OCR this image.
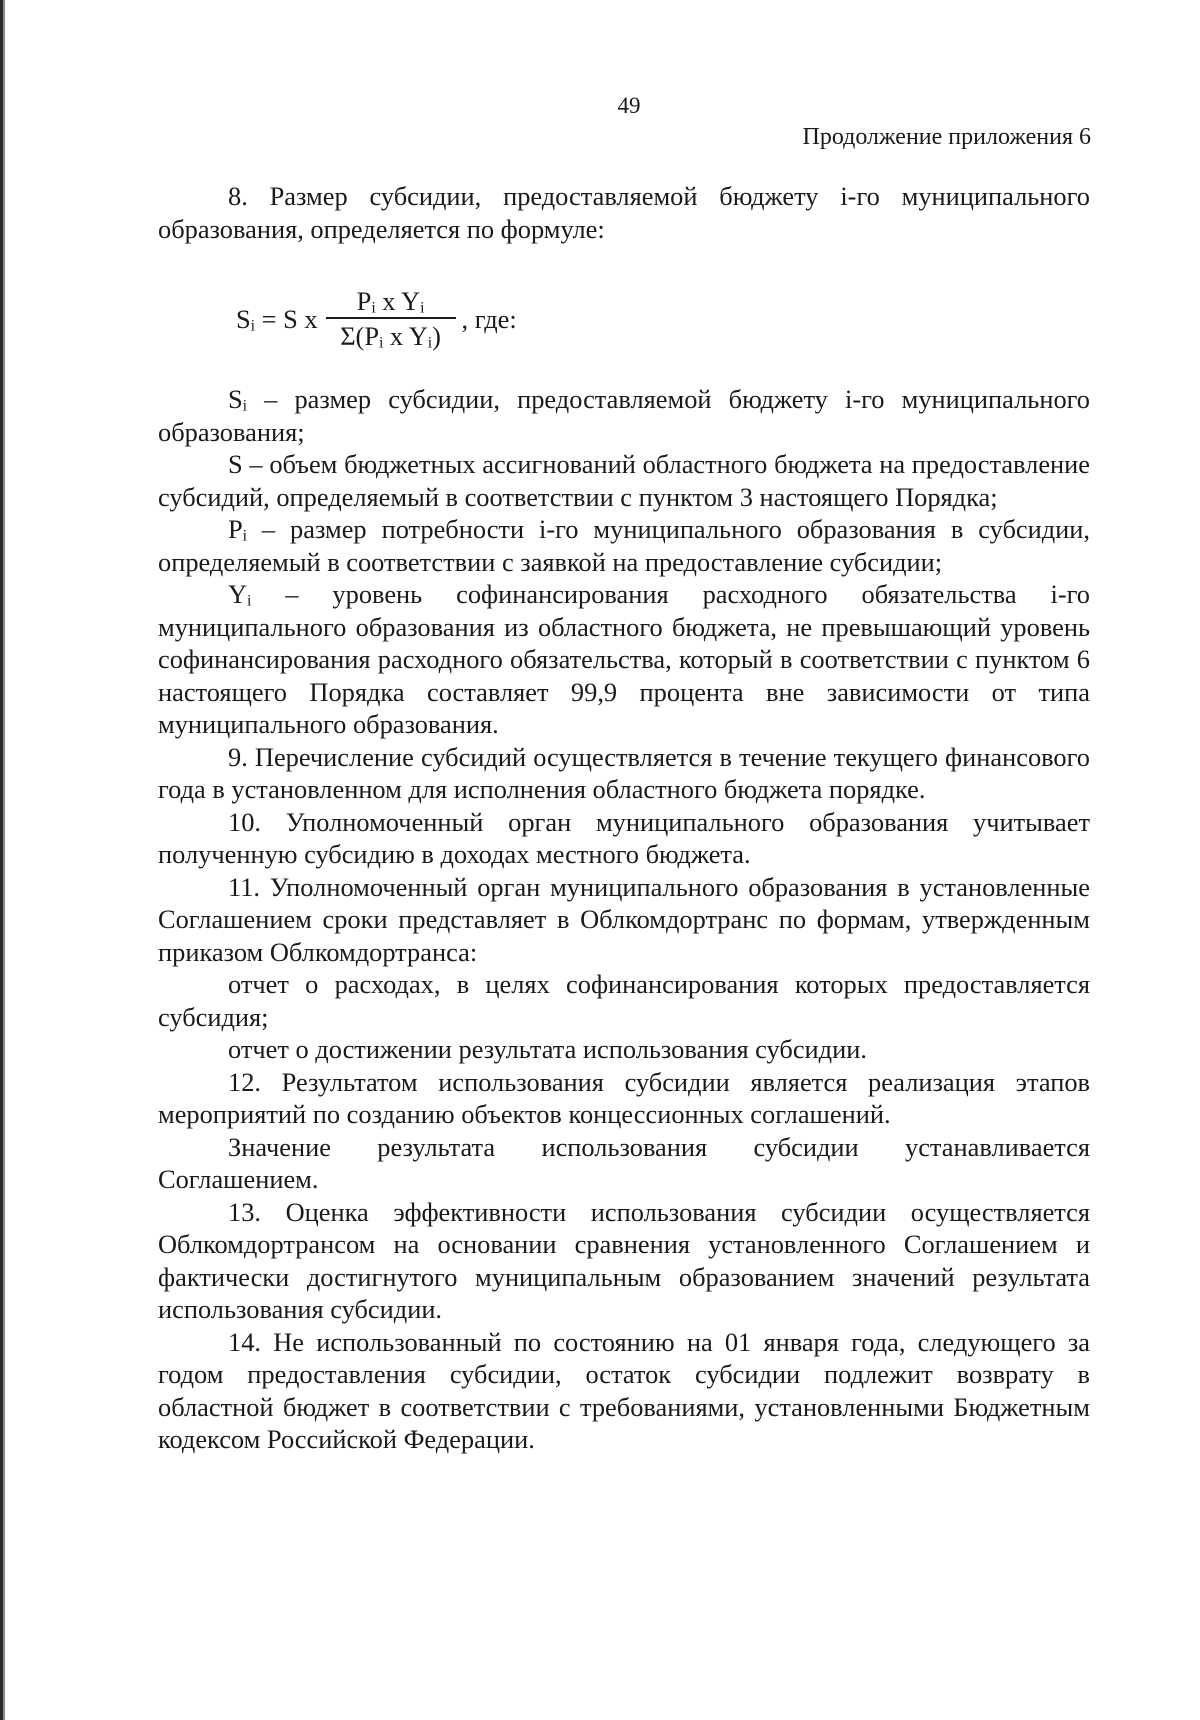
49
Продолжение приложения 6

8. Размер субсидии, предоставляемой бюджету i-го муниципального образования, определяется по формуле:

Sᵢ = S x $\frac{\text{Pᵢ x Yᵢ}}{\text{Σ(Pᵢ x Yᵢ)}}$ , где:

Sᵢ – размер субсидии, предоставляемой бюджету i-го муниципального образования;

S – объем бюджетных ассигнований областного бюджета на предоставление субсидий, определяемый в соответствии с пунктом 3 настоящего Порядка;

Pᵢ – размер потребности i-го муниципального образования в субсидии, определяемый в соответствии с заявкой на предоставление субсидии;

Yᵢ – уровень софинансирования расходного обязательства i-го муниципального образования из областного бюджета, не превышающий уровень софинансирования расходного обязательства, который в соответствии с пунктом 6 настоящего Порядка составляет 99,9 процента вне зависимости от типа муниципального образования.

9. Перечисление субсидий осуществляется в течение текущего финансового года в установленном для исполнения областного бюджета порядке.

10. Уполномоченный орган муниципального образования учитывает полученную субсидию в доходах местного бюджета.

11. Уполномоченный орган муниципального образования в установленные Соглашением сроки представляет в Облкомдортранс по формам, утвержденным приказом Облкомдортранса:

отчет о расходах, в целях софинансирования которых предоставляется субсидия;

отчет о достижении результата использования субсидии.

12. Результатом использования субсидии является реализация этапов мероприятий по созданию объектов концессионных соглашений.

Значение результата использования субсидии устанавливается Соглашением.

13. Оценка эффективности использования субсидии осуществляется Облкомдортрансом на основании сравнения установленного Соглашением и фактически достигнутого муниципальным образованием значений результата использования субсидии.

14. Не использованный по состоянию на 01 января года, следующего за годом предоставления субсидии, остаток субсидии подлежит возврату в областной бюджет в соответствии с требованиями, установленными Бюджетным кодексом Российской Федерации.
